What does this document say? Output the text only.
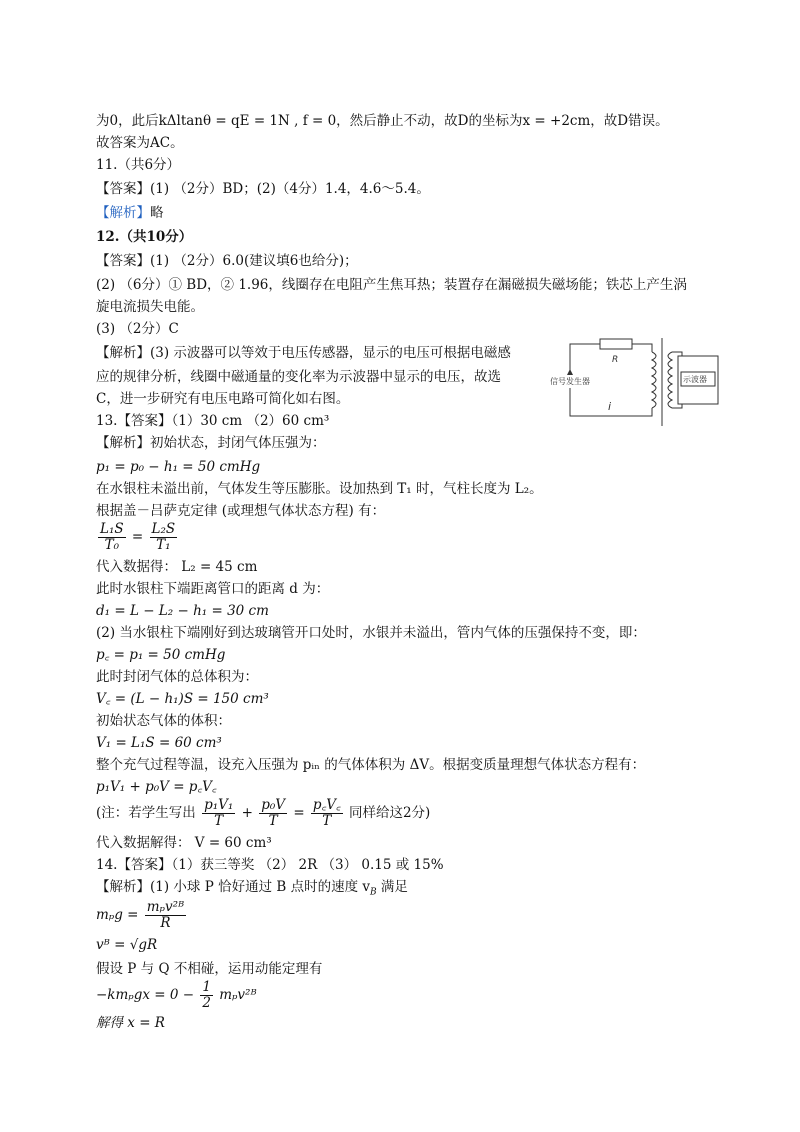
为0，此后kΔltanθ = qE = 1N , f = 0，然后静止不动，故D的坐标为x = +2cm，故D错误。
故答案为AC。
11.（共6分）
【答案】(1) （2分）BD；(2)（4分）1.4，4.6～5.4。
【解析】略
12.（共10分）
【答案】(1) （2分）6.0(建议填6也给分)；
(2) （6分）① BD，② 1.96，线圈存在电阻产生焦耳热；装置存在漏磁损失磁场能；铁芯上产生涡
旋电流损失电能。
(3) （2分）C
【解析】(3) 示波器可以等效于电压传感器，显示的电压可根据电磁感
应的规律分析，线圈中磁通量的变化率为示波器中显示的电压，故选
C，进一步研究有电压电路可简化如右图。
13.【答案】（1）30 cm （2）60 cm³
【解析】初始状态，封闭气体压强为：
p₁ = p₀ − h₁ = 50 cmHg
在水银柱未溢出前，气体发生等压膨胀。设加热到 T₁ 时，气柱长度为 L₂。
根据盖－吕萨克定律 (或理想气体状态方程) 有：
$\frac{\text{L₁S}}{\text{T₀}} = \frac{\text{L₂S}}{\text{T₁}}$
代入数据得： L₂ = 45 cm
此时水银柱下端距离管口的距离 d 为：
d₁ = L − L₂ − h₁ = 30 cm
(2) 当水银柱下端刚好到达玻璃管开口处时，水银并未溢出，管内气体的压强保持不变，即：
p꜀ = p₁ = 50 cmHg
此时封闭气体的总体积为：
V꜀ = (L − h₁)S = 150 cm³
初始状态气体的体积：
V₁ = L₁S = 60 cm³
整个充气过程等温，设充入压强为 pᵢₙ 的气体体积为 ΔV。根据变质量理想气体状态方程有：
p₁V₁ + p₀V = p꜀V꜀
(注：若学生写出 $\frac{\text{p₁V₁}}{T} + \frac{\text{p₀V}}{T} = \frac{p꜀V꜀}{T}$ 同样给这2分)
代入数据解得： V = 60 cm³
14.【答案】（1）获三等奖 （2） 2R （3） 0.15 或 15%
【解析】(1) 小球 P 恰好通过 B 点时的速度 $v_B$ 满足
$m_pg = \frac{\text{mₚv²ᴮ}}{R}$
vᴮ = √gR
假设 P 与 Q 不相碰，运用动能定理有
$-km_pgx = 0 - \frac{1}{2}$ mₚv²ᴮ
解得 x = R
R
信号发生器
i
示波器
